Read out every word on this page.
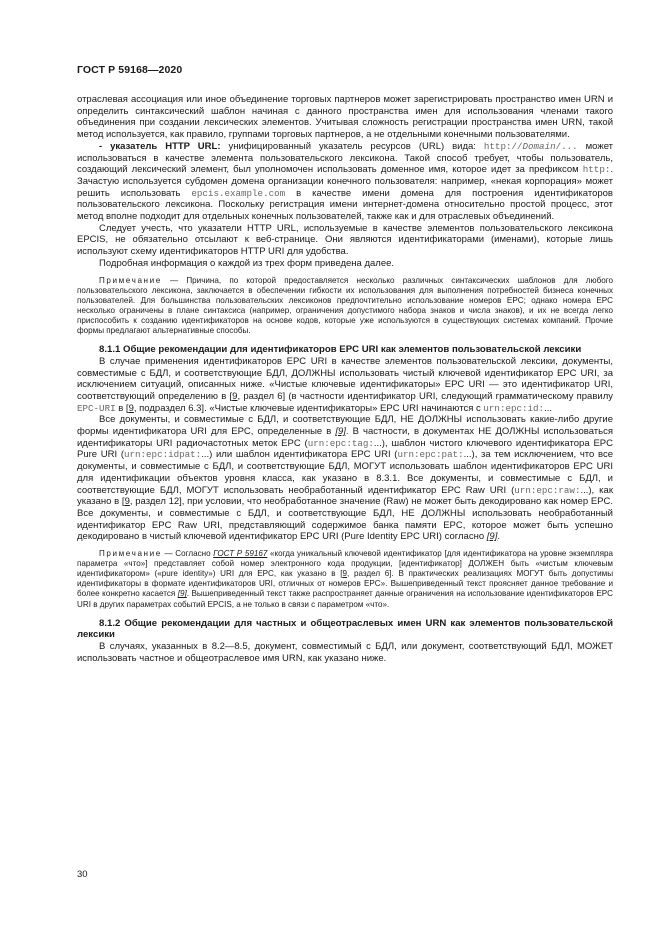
ГОСТ Р 59168—2020

отраслевая ассоциация или иное объединение торговых партнеров может зарегистрировать пространство имен URN и определить синтаксический шаблон начиная с данного пространства имен для использования членами такого объединения при создании лексических элементов. Учитывая сложность регистрации пространства имен URN, такой метод используется, как правило, группами торговых партнеров, а не отдельными конечными пользователями.

- указатель HTTP URL: унифицированный указатель ресурсов (URL) вида: http://Domain/... может использоваться в качестве элемента пользовательского лексикона. Такой способ требует, чтобы пользователь, создающий лексический элемент, был уполномочен использовать доменное имя, которое идет за префиксом http:. Зачастую используется субдомен домена организации конечного пользователя: например, «некая корпорация» может решить использовать epcis.example.com в качестве имени домена для построения идентификаторов пользовательского лексикона. Поскольку регистрация имени интернет-домена относительно простой процесс, этот метод вполне подходит для отдельных конечных пользователей, также как и для отраслевых объединений.

Следует учесть, что указатели HTTP URL, используемые в качестве элементов пользовательского лексикона EPCIS, не обязательно отсылают к веб-странице. Они являются идентификаторами (именами), которые лишь используют схему идентификаторов HTTP URI для удобства.

Подробная информация о каждой из трех форм приведена далее.

Примечание — Причина, по которой предоставляется несколько различных синтаксических шаблонов для любого пользовательского лексикона, заключается в обеспечении гибкости их использования для выполнения потребностей бизнеса конечных пользователей. Для большинства пользовательских лексиконов предпочтительно использование номеров EPC; однако номера EPC несколько ограничены в плане синтаксиса (например, ограничения допустимого набора знаков и числа знаков), и их не всегда легко приспособить к созданию идентификаторов на основе кодов, которые уже используются в существующих системах компаний. Прочие формы предлагают альтернативные способы.

8.1.1 Общие рекомендации для идентификаторов EPC URI как элементов пользовательской лексики

В случае применения идентификаторов EPC URI в качестве элементов пользовательской лексики, документы, совместимые с БДЛ, и соответствующие БДЛ, ДОЛЖНЫ использовать чистый ключевой идентификатор EPC URI, за исключением ситуаций, описанных ниже. «Чистые ключевые идентификаторы» EPC URI — это идентификатор URI, соответствующий определению в [9, раздел 6] (в частности идентификатор URI, следующий грамматическому правилу EPC-URI в [9, подраздел 6.3]. «Чистые ключевые идентификаторы» EPC URI начинаются с urn:epc:id:...

Все документы, и совместимые с БДЛ, и соответствующие БДЛ, НЕ ДОЛЖНЫ использовать какие-либо другие формы идентификатора URI для EPC, определенные в [9]. В частности, в документах НЕ ДОЛЖНЫ использоваться идентификаторы URI радиочастотных меток EPC (urn:epc:tag:...), шаблон чистого ключевого идентификатора EPC Pure URI (urn:epc:idpat:...) или шаблон идентификатора EPC URI (urn:epc:pat:...), за тем исключением, что все документы, и совместимые с БДЛ, и соответствующие БДЛ, МОГУТ использовать шаблон идентификаторов EPC URI для идентификации объектов уровня класса, как указано в 8.3.1. Все документы, и совместимые с БДЛ, и соответствующие БДЛ, МОГУТ использовать необработанный идентификатор EPC Raw URI (urn:epc:raw:...), как указано в [9, раздел 12], при условии, что необработанное значение (Raw) не может быть декодировано как номер EPC. Все документы, и совместимые с БДЛ, и соответствующие БДЛ, НЕ ДОЛЖНЫ использовать необработанный идентификатор EPC Raw URI, представляющий содержимое банка памяти EPC, которое может быть успешно декодировано в чистый ключевой идентификатор EPC URI (Pure Identity EPC URI) согласно [9].

Примечание — Согласно ГОСТ Р 59167 «когда уникальный ключевой идентификатор [для идентификатора на уровне экземпляра параметра «что»] представляет собой номер электронного кода продукции, [идентификатор] ДОЛЖЕН быть «чистым ключевым идентификатором» («pure identity») URI для EPC, как указано в [9, раздел 6]. В практических реализациях МОГУТ быть допустимы идентификаторы в формате идентификаторов URI, отличных от номеров EPC». Вышеприведенный текст проясняет данное требование и более конкретно касается [9]. Вышеприведенный текст также распространяет данные ограничения на использование идентификаторов EPC URI в других параметрах событий EPCIS, а не только в связи с параметром «что».

8.1.2 Общие рекомендации для частных и общеотраслевых имен URN как элементов пользовательской лексики

В случаях, указанных в 8.2—8.5, документ, совместимый с БДЛ, или документ, соответствующий БДЛ, МОЖЕТ использовать частное и общеотраслевое имя URN, как указано ниже.

30
